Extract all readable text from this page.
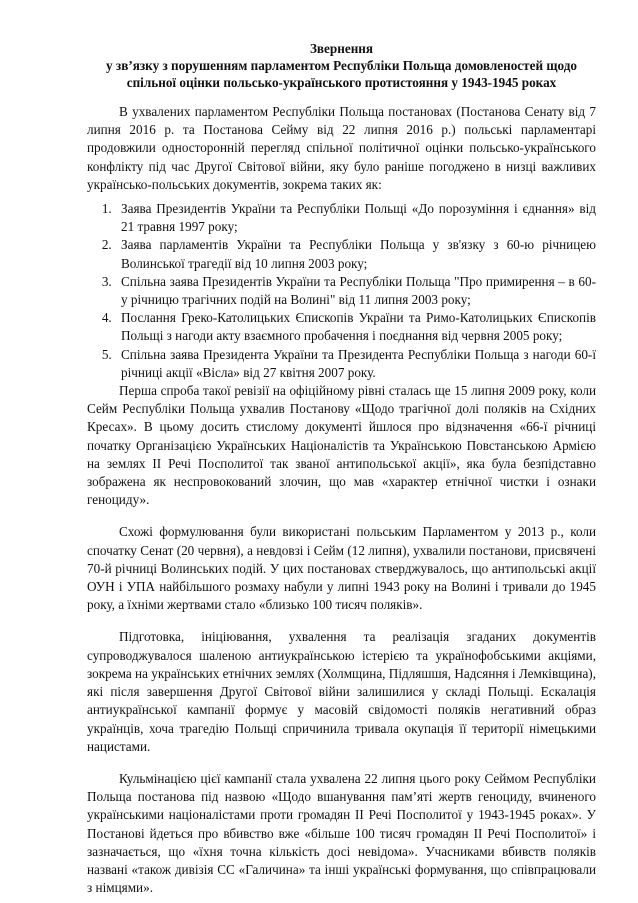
Звернення
у зв’язку з порушенням парламентом Республіки Польща домовленостей щодо
спільної оцінки польсько-українського протистояння у 1943-1945 роках

В ухвалених парламентом Республіки Польща постановах (Постанова Сенату від 7 липня 2016 р. та Постанова Сейму від 22 липня 2016 р.) польські парламентарі продовжили односторонній перегляд спільної політичної оцінки польсько-українського конфлікту під час Другої Світової війни, яку було раніше погоджено в низці важливих українсько-польських документів, зокрема таких як:

1. Заява Президентів України та Республіки Польщі «До порозуміння і єднання» від 21 травня 1997 року;
2. Заява парламентів України та Республіки Польща у зв'язку з 60-ю річницею Волинської трагедії від 10 липня 2003 року;
3. Спільна заява Президентів України та Республіки Польща "Про примирення – в 60-у річницю трагічних подій на Волині" від 11 липня 2003 року;
4. Послання Греко-Католицьких Єпископів України та Римо-Католицьких Єпископів Польщі з нагоди акту взаємного пробачення і поєднання від червня 2005 року;
5. Спільна заява Президента України та Президента Республіки Польща з нагоди 60-ї річниці акції «Вісла» від 27 квітня 2007 року.

Перша спроба такої ревізії на офіційному рівні сталась ще 15 липня 2009 року, коли Сейм Республіки Польща ухвалив Постанову «Щодо трагічної долі поляків на Східних Кресах». В цьому досить стислому документі йшлося про відзначення «66-ї річниці початку Організацією Українських Націоналістів та Українською Повстанською Армією на землях ІІ Речі Посполитої так званої антипольської акції», яка була безпідставно зображена як неспровокований злочин, що мав «характер етнічної чистки і ознаки геноциду».

Схожі формулювання були використані польським Парламентом у 2013 р., коли спочатку Сенат (20 червня), а невдовзі і Сейм (12 липня), ухвалили постанови, присвячені 70-й річниці Волинських подій. У цих постановах стверджувалось, що антипольські акції ОУН і УПА найбільшого розмаху набули у липні 1943 року на Волині і тривали до 1945 року, а їхніми жертвами стало «близько 100 тисяч поляків».

Підготовка, ініціювання, ухвалення та реалізація згаданих документів супроводжувалося шаленою антиукраїнською істерією та українофобськими акціями, зокрема на українських етнічних землях (Холмщина, Підляшшя, Надсяння і Лемківщина), які після завершення Другої Світової війни залишилися у складі Польщі. Ескалація антиукраїнської кампанії формує у масовій свідомості поляків негативний образ українців, хоча трагедію Польщі спричинила тривала окупація її території німецькими нацистами.

Кульмінацією цієї кампанії стала ухвалена 22 липня цього року Сеймом Республіки Польща постанова під назвою «Щодо вшанування пам’яті жертв геноциду, вчиненого українськими націоналістами проти громадян ІІ Речі Посполитої у 1943-1945 роках». У Постанові йдеться про вбивство вже «більше 100 тисяч громадян ІІ Речі Посполитої» і зазначається, що «їхня точна кількість досі невідома». Учасниками вбивств поляків названі «також дивізія СС «Галичина» та інші українські формування, що співпрацювали з німцями».
